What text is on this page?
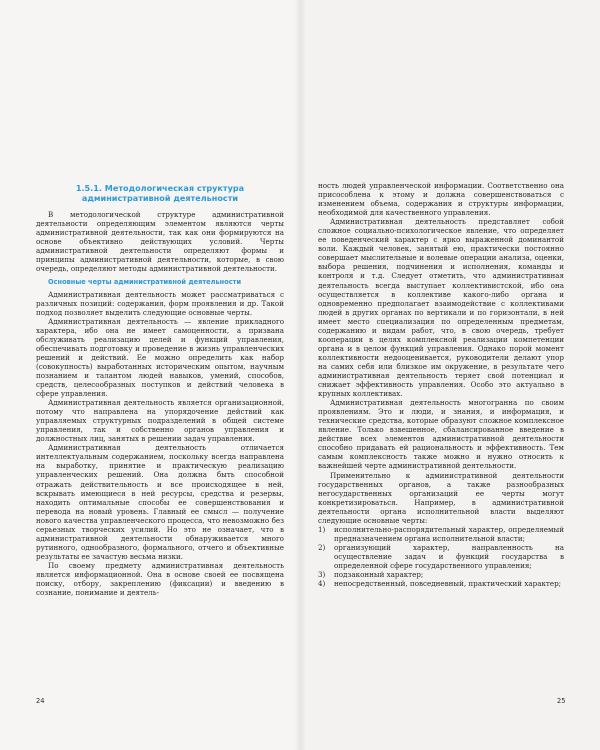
1.5.1. Методологическая структура административной деятельности

В методологической структуре административной деятельности определяющим элементом являются черты административной деятельности, так как они формируются на основе объективно действующих условий. Черты административной деятельности определяют формы и принципы административной деятельности, которые, в свою очередь, определяют методы административной деятельности.

Основные черты административной деятельности

Административная деятельность может рассматриваться с различных позиций: содержания, форм проявления и др. Такой подход позволяет выделить следующие основные черты.

Административная деятельность — явление прикладного характера, ибо она не имеет самоценности, а призвана обслуживать реализацию целей и функций управления, обеспечивать подготовку и проведение в жизнь управленческих решений и действий. Ее можно определить как набор (совокупность) выработанных историческим опытом, научным познанием и талантом людей навыков, умений, способов, средств, целесообразных поступков и действий человека в сфере управления.

Административная деятельность является организационной, потому что направлена на упорядочение действий как управляемых структурных подразделений в общей системе управления, так и собственно органов управления и должностных лиц, занятых в решении задач управления.

Административная деятельность отличается интеллектуальным содержанием, поскольку всегда направлена на выработку, принятие и практическую реализацию управленческих решений. Она должна быть способной отражать действительность и все происходящее в ней, вскрывать имеющиеся в ней ресурсы, средства и резервы, находить оптимальные способы ее совершенствования и перевода на новый уровень. Главный ее смысл — получение нового качества управленческого процесса, что невозможно без серьезных творческих усилий. Но это не означает, что в административной деятельности обнаруживается много рутинного, однообразного, формального, отчего и объективные результаты ее зачастую весьма низки.

По своему предмету административная деятельность является информационной. Она в основе своей ее посвящена поиску, отбору, закреплению (фиксации) и введению в сознание, понимание и деятель-

ность людей управленческой информации. Соответственно она присособлена к этому и должна совершенствоваться с изменением объема, содержания и структуры информации, необходимой для качественного управления.

Административная деятельность представляет собой сложное социально-психологическое явление, что определяет ее поведенческий характер с ярко выраженной доминантой воли. Каждый человек, занятый ею, практически постоянно совершает мыслительные и волевые операции анализа, оценки, выбора решения, подчинения и исполнения, команды и контроля и т.д. Следует отметить, что административная деятельность всегда выступает коллективистской, ибо она осуществляется в коллективе какого-либо органа и одновременно предполагает взаимодействие с коллективами людей в других органах по вертикали и по горизонтали, в ней имеет место специализация по определенным предметам, содержанию и видам работ, что, в свою очередь, требует кооперации в целях комплексной реализации компетенции органа и в целом функций управления. Однако порой момент коллективности недооценивается, руководители делают упор на самих себя или близкое им окружение, в результате чего административная деятельность теряет свой потенциал и снижает эффективность управления. Особо это актуально в крупных коллективах.

Административная деятельность многогранна по своим проявлениям. Это и люди, и знания, и информация, и технические средства, которые образуют сложное комплексное явление. Только взвешенное, сбалансированное введение в действие всех элементов административной деятельности способно придавать ей рациональность и эффективность. Тем самым комплексность также можно и нужно относить к важнейшей черте административной деятельности.

Применительно к административной деятельности государственных органов, а также разнообразных негосударственных организаций ее черты могут конкретизироваться. Например, в административной деятельности органа исполнительной власти выделяют следующие основные черты:

1) исполнительно-распорядительный характер, определяемый предназначением органа исполнительной власти;
2) организующий характер, направленность на осуществление задач и функций государства в определенной сфере государственного управления;
3) подзаконный характер;
4) непосредственный, повседневный, практический характер;
24	25
